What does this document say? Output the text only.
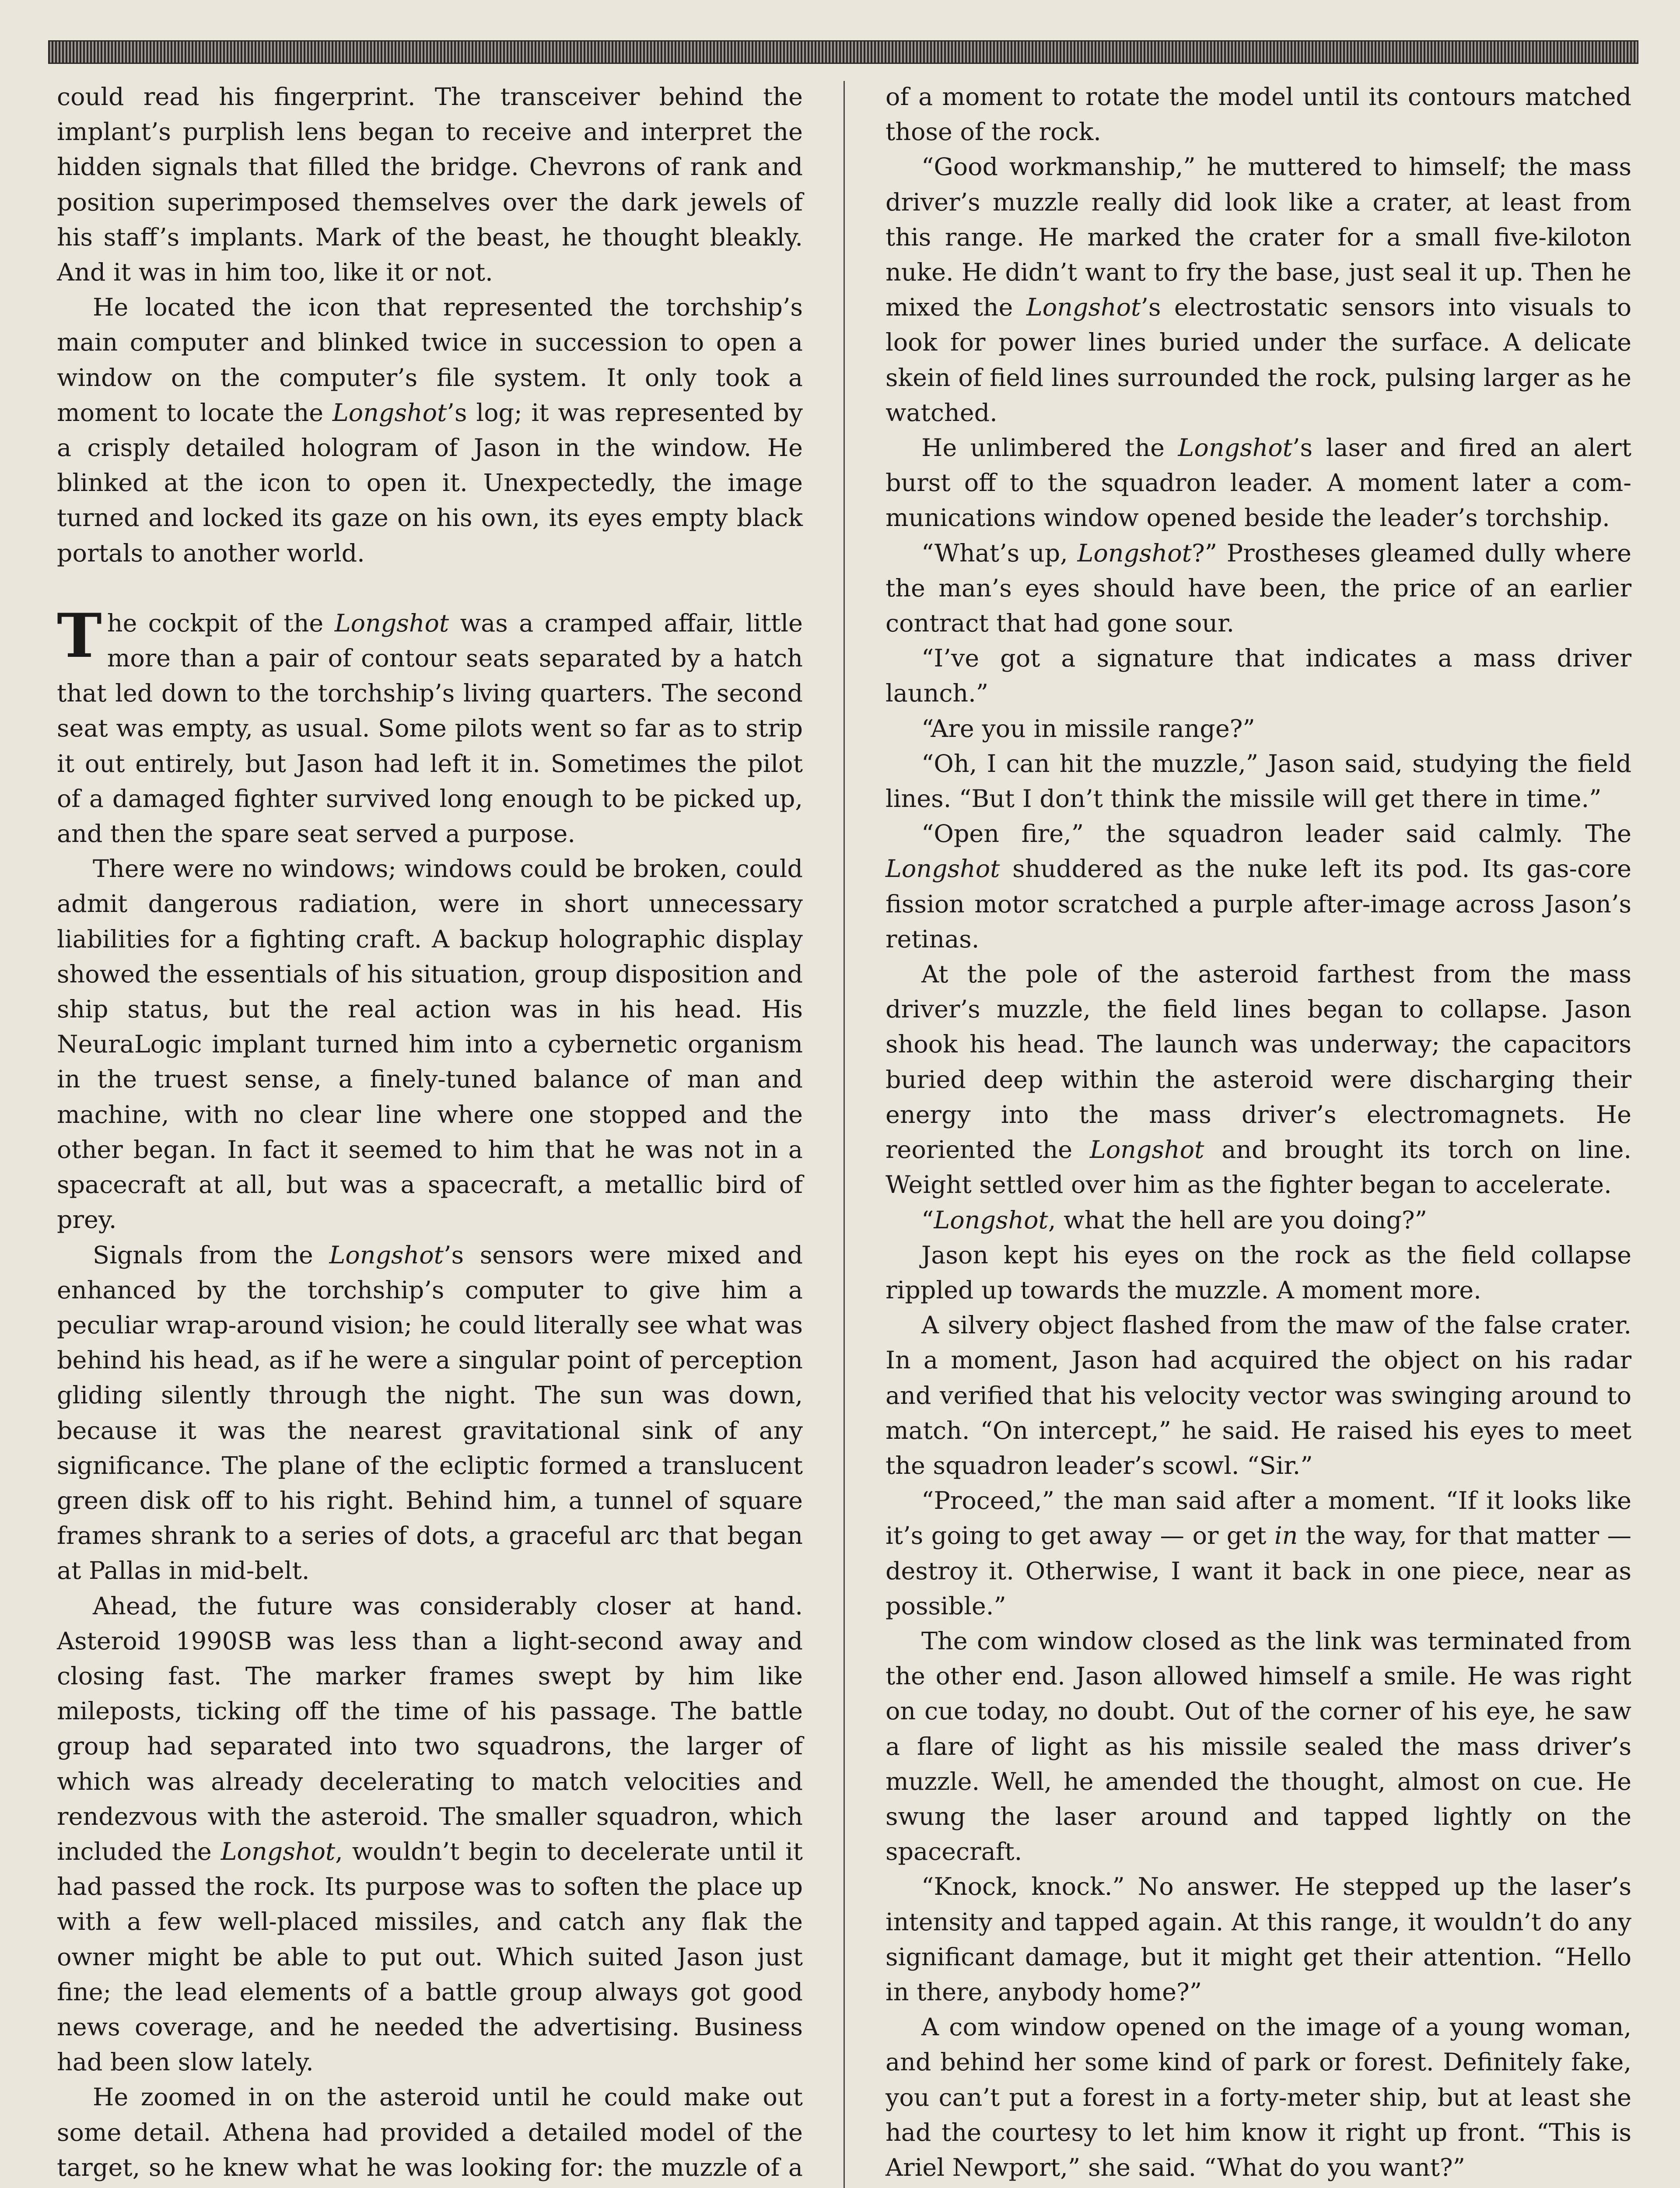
could read his fingerprint. The transceiver behind the implant’s purplish lens began to receive and interpret the hidden signals that filled the bridge. Chevrons of rank and position superimposed themselves over the dark jewels of his staff’s implants. Mark of the beast, he thought bleakly. And it was in him too, like it or not.

He located the icon that represented the torchship’s main computer and blinked twice in succession to open a window on the computer’s file system. It only took a moment to locate the Longshot’s log; it was represented by a crisply detailed hologram of Jason in the window. He blinked at the icon to open it. Unexpectedly, the image turned and locked its gaze on his own, its eyes empty black portals to another world.

The cockpit of the Longshot was a cramped affair, little more than a pair of contour seats separated by a hatch that led down to the torchship’s living quarters. The second seat was empty, as usual. Some pilots went so far as to strip it out entirely, but Jason had left it in. Sometimes the pilot of a damaged fighter survived long enough to be picked up, and then the spare seat served a purpose.

There were no windows; windows could be broken, could admit dangerous radiation, were in short unnecessary liabilities for a fighting craft. A backup holographic display showed the essentials of his situation, group disposition and ship status, but the real action was in his head. His NeuraLogic implant turned him into a cybernetic organism in the truest sense, a finely-tuned balance of man and machine, with no clear line where one stopped and the other began. In fact it seemed to him that he was not in a spacecraft at all, but was a spacecraft, a metallic bird of prey.

Signals from the Longshot’s sensors were mixed and enhanced by the torchship’s computer to give him a peculiar wrap-around vision; he could literally see what was behind his head, as if he were a singular point of perception gliding silently through the night. The sun was down, because it was the nearest gravitational sink of any significance. The plane of the ecliptic formed a translucent green disk off to his right. Behind him, a tunnel of square frames shrank to a series of dots, a graceful arc that began at Pallas in mid-belt.

Ahead, the future was considerably closer at hand. Asteroid 1990SB was less than a light-second away and closing fast. The marker frames swept by him like mileposts, ticking off the time of his passage. The battle group had separated into two squadrons, the larger of which was already decelerating to match velocities and rendezvous with the asteroid. The smaller squadron, which included the Longshot, wouldn’t begin to decelerate until it had passed the rock. Its purpose was to soften the place up with a few well-placed missiles, and catch any flak the owner might be able to put out. Which suited Jason just fine; the lead elements of a battle group always got good news coverage, and he needed the advertising. Business had been slow lately.

He zoomed in on the asteroid until he could make out some detail. Athena had provided a detailed model of the target, so he knew what he was looking for: the muzzle of a

of a moment to rotate the model until its contours matched those of the rock.

“Good workmanship,” he muttered to himself; the mass driver’s muzzle really did look like a crater, at least from this range. He marked the crater for a small five-kiloton nuke. He didn’t want to fry the base, just seal it up. Then he mixed the Longshot’s electrostatic sensors into visuals to look for power lines buried under the surface. A delicate skein of field lines surrounded the rock, pulsing larger as he watched.

He unlimbered the Longshot’s laser and fired an alert burst off to the squadron leader. A moment later a communications window opened beside the leader’s torchship.

“What’s up, Longshot?” Prostheses gleamed dully where the man’s eyes should have been, the price of an earlier contract that had gone sour.

“I’ve got a signature that indicates a mass driver launch.”

“Are you in missile range?”

“Oh, I can hit the muzzle,” Jason said, studying the field lines. “But I don’t think the missile will get there in time.”

“Open fire,” the squadron leader said calmly. The Longshot shuddered as the nuke left its pod. Its gas-core fission motor scratched a purple after-image across Jason’s retinas.

At the pole of the asteroid farthest from the mass driver’s muzzle, the field lines began to collapse. Jason shook his head. The launch was underway; the capacitors buried deep within the asteroid were discharging their energy into the mass driver’s electromagnets. He reoriented the Longshot and brought its torch on line. Weight settled over him as the fighter began to accelerate.

“Longshot, what the hell are you doing?”

Jason kept his eyes on the rock as the field collapse rippled up towards the muzzle. A moment more.

A silvery object flashed from the maw of the false crater. In a moment, Jason had acquired the object on his radar and verified that his velocity vector was swinging around to match. “On intercept,” he said. He raised his eyes to meet the squadron leader’s scowl. “Sir.”

“Proceed,” the man said after a moment. “If it looks like it’s going to get away — or get in the way, for that matter — destroy it. Otherwise, I want it back in one piece, near as possible.”

The com window closed as the link was terminated from the other end. Jason allowed himself a smile. He was right on cue today, no doubt. Out of the corner of his eye, he saw a flare of light as his missile sealed the mass driver’s muzzle. Well, he amended the thought, almost on cue. He swung the laser around and tapped lightly on the spacecraft.

“Knock, knock.” No answer. He stepped up the laser’s intensity and tapped again. At this range, it wouldn’t do any significant damage, but it might get their attention. “Hello in there, anybody home?”

A com window opened on the image of a young woman, and behind her some kind of park or forest. Definitely fake, you can’t put a forest in a forty-meter ship, but at least she had the courtesy to let him know it right up front. “This is Ariel Newport,” she said. “What do you want?”
